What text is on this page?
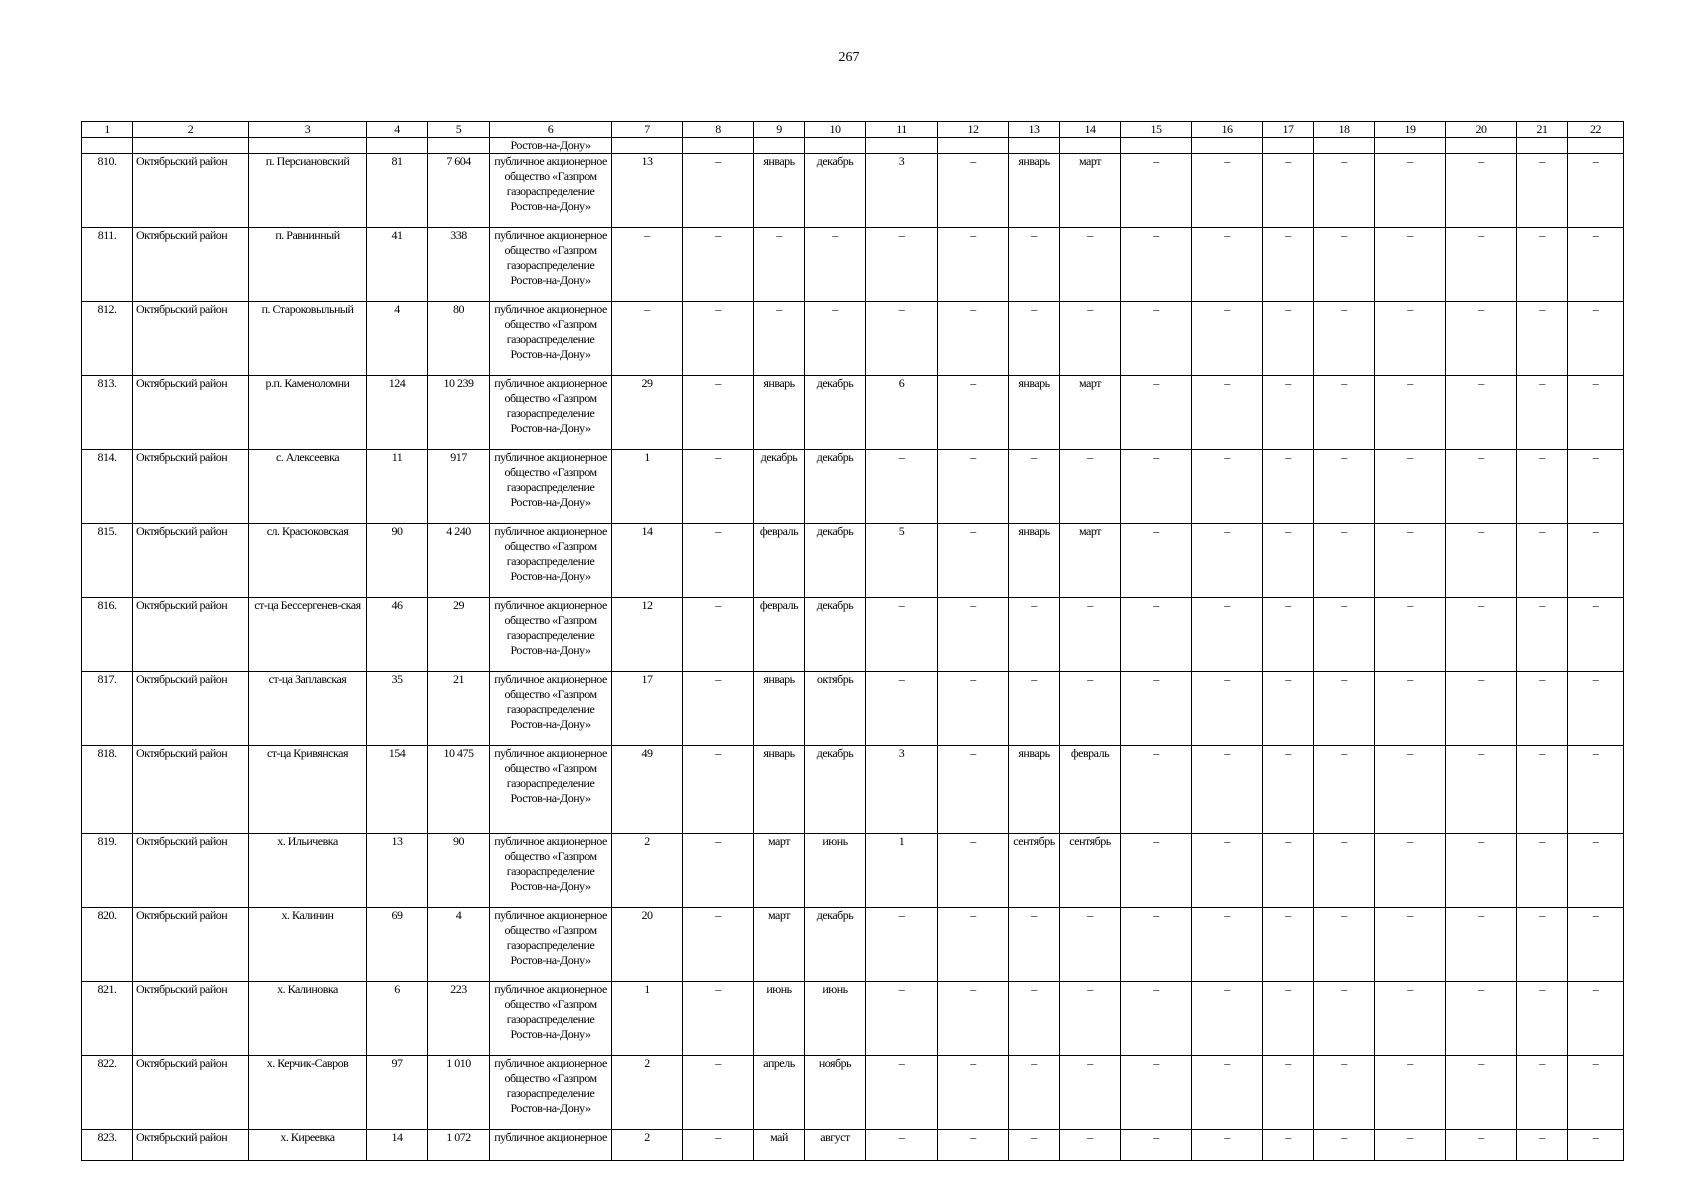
267
1	2	3	4	5	6	7	8	9	10	11	12	13	14	15	16	17	18	19	20	21	22
					Ростов-на-Дону»																
810.	Октябрьский район	п. Персиановский	81	7 604	публичное акционерное общество «Газпром газораспределение Ростов-на-Дону»	13	–	январь	декабрь	3	–	январь	март	–	–	–	–	–	–	–	–
811.	Октябрьский район	п. Равнинный	41	338	публичное акционерное общество «Газпром газораспределение Ростов-на-Дону»	–	–	–	–	–	–	–	–	–	–	–	–	–	–	–	–
812.	Октябрьский район	п. Староковыльный	4	80	публичное акционерное общество «Газпром газораспределение Ростов-на-Дону»	–	–	–	–	–	–	–	–	–	–	–	–	–	–	–	–
813.	Октябрьский район	р.п. Каменоломни	124	10 239	публичное акционерное общество «Газпром газораспределение Ростов-на-Дону»	29	–	январь	декабрь	6	–	январь	март	–	–	–	–	–	–	–	–
814.	Октябрьский район	с. Алексеевка	11	917	публичное акционерное общество «Газпром газораспределение Ростов-на-Дону»	1	–	декабрь	декабрь	–	–	–	–	–	–	–	–	–	–	–	–
815.	Октябрьский район	сл. Красюковская	90	4 240	публичное акционерное общество «Газпром газораспределение Ростов-на-Дону»	14	–	февраль	декабрь	5	–	январь	март	–	–	–	–	–	–	–	–
816.	Октябрьский район	ст-ца Бессергенев-ская	46	29	публичное акционерное общество «Газпром газораспределение Ростов-на-Дону»	12	–	февраль	декабрь	–	–	–	–	–	–	–	–	–	–	–	–
817.	Октябрьский район	ст-ца Заплавская	35	21	публичное акционерное общество «Газпром газораспределение Ростов-на-Дону»	17	–	январь	октябрь	–	–	–	–	–	–	–	–	–	–	–	–
818.	Октябрьский район	ст-ца Кривянская	154	10 475	публичное акционерное общество «Газпром газораспределение Ростов-на-Дону»	49	–	январь	декабрь	3	–	январь	февраль	–	–	–	–	–	–	–	–
819.	Октябрьский район	х. Ильичевка	13	90	публичное акционерное общество «Газпром газораспределение Ростов-на-Дону»	2	–	март	июнь	1	–	сентябрь	сентябрь	–	–	–	–	–	–	–	–
820.	Октябрьский район	х. Калинин	69	4	публичное акционерное общество «Газпром газораспределение Ростов-на-Дону»	20	–	март	декабрь	–	–	–	–	–	–	–	–	–	–	–	–
821.	Октябрьский район	х. Калиновка	6	223	публичное акционерное общество «Газпром газораспределение Ростов-на-Дону»	1	–	июнь	июнь	–	–	–	–	–	–	–	–	–	–	–	–
822.	Октябрьский район	х. Керчик-Савров	97	1 010	публичное акционерное общество «Газпром газораспределение Ростов-на-Дону»	2	–	апрель	ноябрь	–	–	–	–	–	–	–	–	–	–	–	–
823.	Октябрьский район	х. Киреевка	14	1 072	публичное акционерное	2	–	май	август	–	–	–	–	–	–	–	–	–	–	–	–
